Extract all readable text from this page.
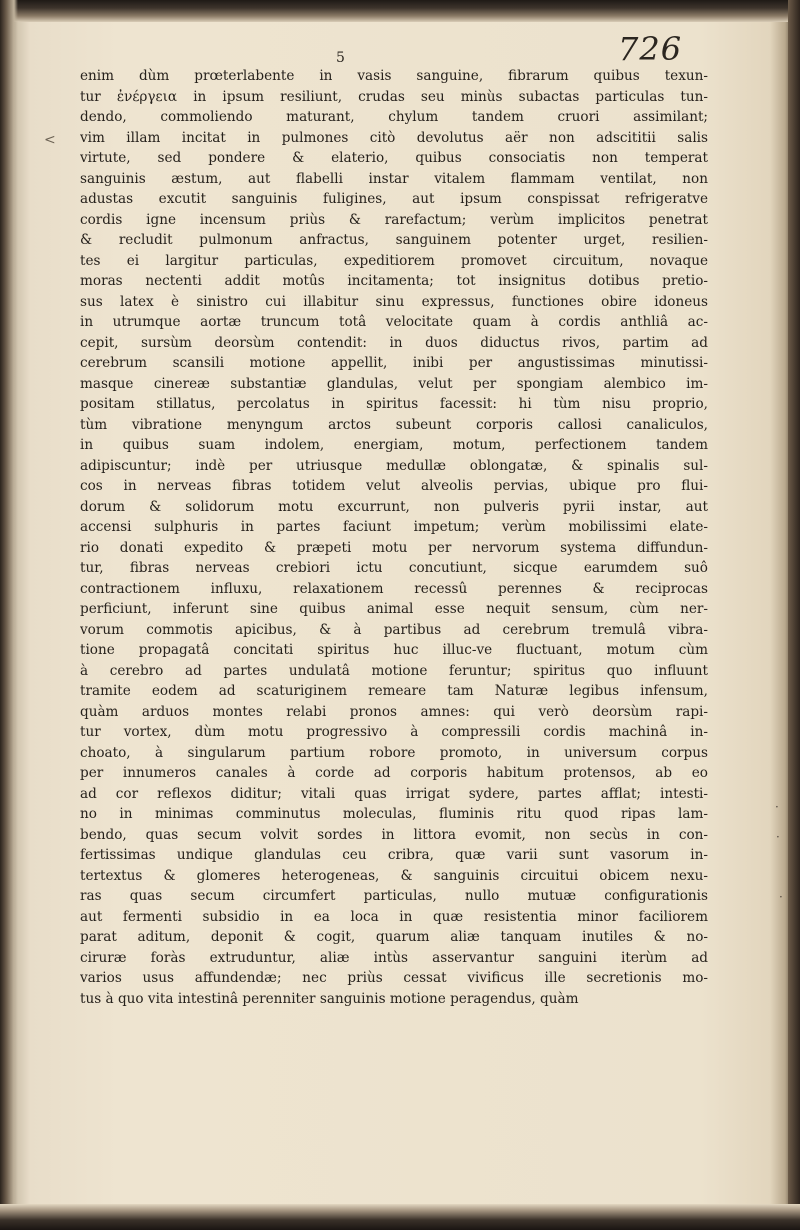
726
5
<
enim dùm prœterlabente in vasis sanguine, fibrarum quibus texun-
tur ἐνέργεια in ipsum resiliunt, crudas seu minùs subactas particulas tun-
dendo, commoliendo maturant, chylum tandem cruori assimilant;
vim illam incitat in pulmones citò devolutus aër non adscititii salis
virtute, sed pondere & elaterio, quibus consociatis non temperat
sanguinis æstum, aut flabelli instar vitalem flammam ventilat, non
adustas excutit sanguinis fuligines, aut ipsum conspissat refrigeratve
cordis igne incensum priùs & rarefactum; verùm implicitos penetrat
& recludit pulmonum anfractus, sanguinem potenter urget, resilien-
tes ei largitur particulas, expeditiorem promovet circuitum, novaque
moras nectenti addit motûs incitamenta; tot insignitus dotibus pretio-
sus latex è sinistro cui illabitur sinu expressus, functiones obire idoneus
in utrumque aortæ truncum totâ velocitate quam à cordis anthliâ ac-
cepit, sursùm deorsùm contendit: in duos diductus rivos, partim ad
cerebrum scansili motione appellit, inibi per angustissimas minutissi-
masque cinereæ substantiæ glandulas, velut per spongiam alembico im-
positam stillatus, percolatus in spiritus facessit: hi tùm nisu proprio,
tùm vibratione menyngum arctos subeunt corporis callosi canaliculos,
in quibus suam indolem, energiam, motum, perfectionem tandem
adipiscuntur; indè per utriusque medullæ oblongatæ, & spinalis sul-
cos in nerveas fibras totidem velut alveolis pervias, ubique pro flui-
dorum & solidorum motu excurrunt, non pulveris pyrii instar, aut
accensi sulphuris in partes faciunt impetum; verùm mobilissimi elate-
rio donati expedito & præpeti motu per nervorum systema diffundun-
tur, fibras nerveas crebiori ictu concutiunt, sicque earumdem suô
contractionem influxu, relaxationem recessû perennes & reciprocas
perficiunt, inferunt sine quibus animal esse nequit sensum, cùm ner-
vorum commotis apicibus, & à partibus ad cerebrum tremulâ vibra-
tione propagatâ concitati spiritus huc illuc-ve fluctuant, motum cùm
à cerebro ad partes undulatâ motione feruntur; spiritus quo influunt
tramite eodem ad scaturiginem remeare tam Naturæ legibus infensum,
quàm arduos montes relabi pronos amnes: qui verò deorsùm rapi-
tur vortex, dùm motu progressivo à compressili cordis machinâ in-
choato, à singularum partium robore promoto, in universum corpus
per innumeros canales à corde ad corporis habitum protensos, ab eo
ad cor reflexos diditur; vitali quas irrigat sydere, partes afflat; intesti-
no in minimas comminutus moleculas, fluminis ritu quod ripas lam-
bendo, quas secum volvit sordes in littora evomit, non secùs in con-
fertissimas undique glandulas ceu cribra, quæ varii sunt vasorum in-
tertextus & glomeres heterogeneas, & sanguinis circuitui obicem nexu-
ras quas secum circumfert particulas, nullo mutuæ configurationis
aut fermenti subsidio in ea loca in quæ resistentia minor faciliorem
parat aditum, deponit & cogit, quarum aliæ tanquam inutiles & no-
ciruræ foràs extruduntur, aliæ intùs asservantur sanguini iterùm ad
varios usus affundendæ; nec priùs cessat vivificus ille secretionis mo-
tus à quo vita intestinâ perenniter sanguinis motione peragendus, quàm
·
·
·
